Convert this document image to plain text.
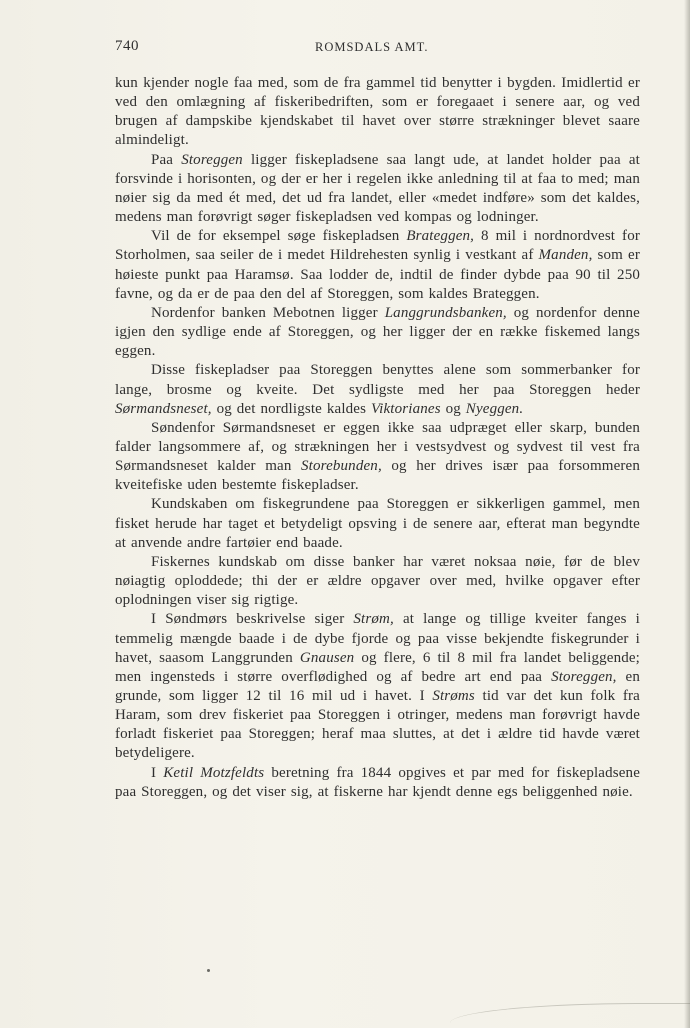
740	ROMSDALS AMT.

kun kjender nogle faa med, som de fra gammel tid benytter i bygden. Imidlertid er ved den omlægning af fiskeribedriften, som er foregaaet i senere aar, og ved brugen af dampskibe kjendskabet til havet over større strækninger blevet saare almindeligt.

Paa Storeggen ligger fiskepladsene saa langt ude, at landet holder paa at forsvinde i horisonten, og der er her i regelen ikke anledning til at faa to med; man nøier sig da med ét med, det ud fra landet, eller «medet indføre» som det kaldes, medens man forøvrigt søger fiskepladsen ved kompas og lodninger.

Vil de for eksempel søge fiskepladsen Brateggen, 8 mil i nordnordvest for Storholmen, saa seiler de i medet Hildrehesten synlig i vestkant af Manden, som er høieste punkt paa Haramsø. Saa lodder de, indtil de finder dybde paa 90 til 250 favne, og da er de paa den del af Storeggen, som kaldes Brateggen.

Nordenfor banken Mebotnen ligger Langgrundsbanken, og nordenfor denne igjen den sydlige ende af Storeggen, og her ligger der en række fiskemed langs eggen.

Disse fiskepladser paa Storeggen benyttes alene som sommerbanker for lange, brosme og kveite. Det sydligste med her paa Storeggen heder Sørmandsneset, og det nordligste kaldes Viktorianes og Nyeggen.

Søndenfor Sørmandsneset er eggen ikke saa udpræget eller skarp, bunden falder langsommere af, og strækningen her i vestsydvest og sydvest til vest fra Sørmandsneset kalder man Storebunden, og her drives især paa forsommeren kveitefiske uden bestemte fiskepladser.

Kundskaben om fiskegrundene paa Storeggen er sikkerligen gammel, men fisket herude har taget et betydeligt opsving i de senere aar, efterat man begyndte at anvende andre fartøier end baade.

Fiskernes kundskab om disse banker har været noksaa nøie, før de blev nøiagtig oploddede; thi der er ældre opgaver over med, hvilke opgaver efter oplodningen viser sig rigtige.

I Søndmørs beskrivelse siger Strøm, at lange og tillige kveiter fanges i temmelig mængde baade i de dybe fjorde og paa visse bekjendte fiskegrunder i havet, saasom Langgrunden Gnausen og flere, 6 til 8 mil fra landet beliggende; men ingensteds i større overflødighed og af bedre art end paa Storeggen, en grunde, som ligger 12 til 16 mil ud i havet. I Strøms tid var det kun folk fra Haram, som drev fiskeriet paa Storeggen i otringer, medens man forøvrigt havde forladt fiskeriet paa Storeggen; heraf maa sluttes, at det i ældre tid havde været betydeligere.

I Ketil Motzfeldts beretning fra 1844 opgives et par med for fiskepladsene paa Storeggen, og det viser sig, at fiskerne har kjendt denne egs beliggenhed nøie.
